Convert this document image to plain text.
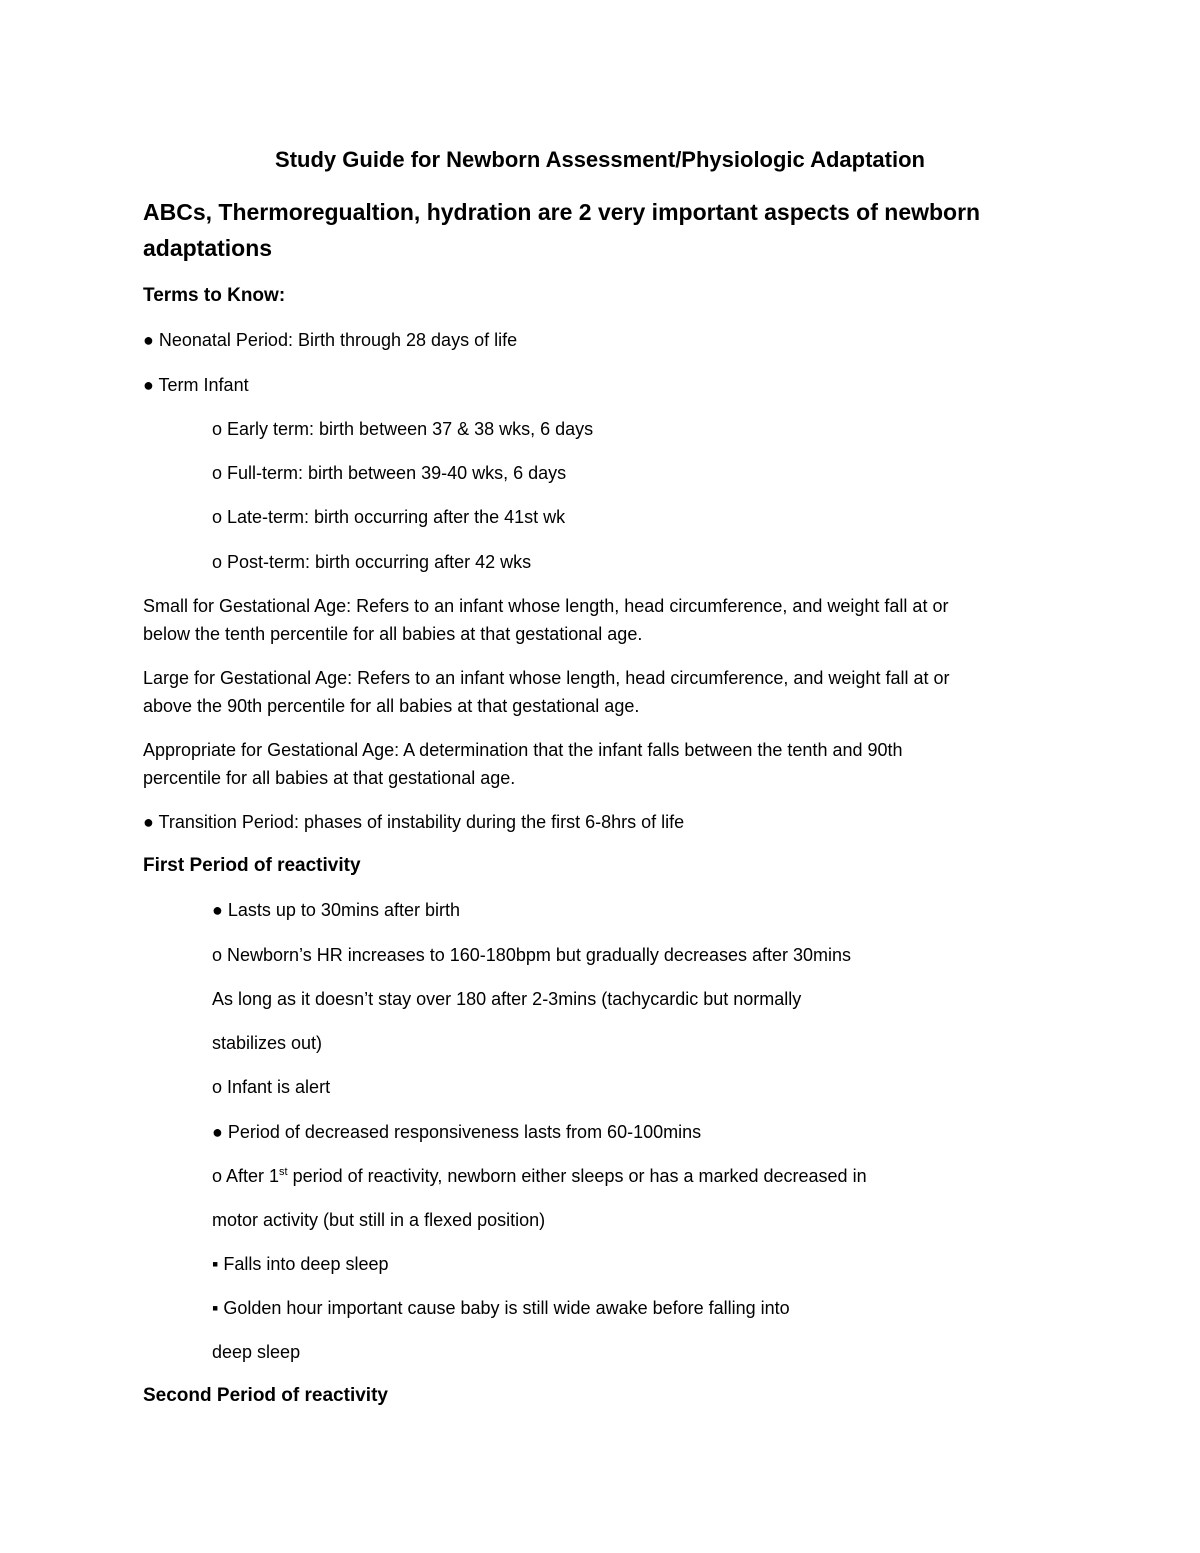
Study Guide for Newborn Assessment/Physiologic Adaptation
ABCs, Thermoregualtion, hydration are 2 very important aspects of newborn
adaptations
Terms to Know:
● Neonatal Period: Birth through 28 days of life
● Term Infant
o Early term: birth between 37 & 38 wks, 6 days
o Full-term: birth between 39-40 wks, 6 days
o Late-term: birth occurring after the 41st wk
o Post-term: birth occurring after 42 wks
Small for Gestational Age: Refers to an infant whose length, head circumference, and weight fall at or
below the tenth percentile for all babies at that gestational age.
Large for Gestational Age: Refers to an infant whose length, head circumference, and weight fall at or
above the 90th percentile for all babies at that gestational age.
Appropriate for Gestational Age: A determination that the infant falls between the tenth and 90th
percentile for all babies at that gestational age.
● Transition Period: phases of instability during the first 6-8hrs of life
First Period of reactivity
● Lasts up to 30mins after birth
o Newborn’s HR increases to 160-180bpm but gradually decreases after 30mins
As long as it doesn’t stay over 180 after 2-3mins (tachycardic but normally
stabilizes out)
o Infant is alert
● Period of decreased responsiveness lasts from 60-100mins
o After 1st period of reactivity, newborn either sleeps or has a marked decreased in
motor activity (but still in a flexed position)
▪ Falls into deep sleep
▪ Golden hour important cause baby is still wide awake before falling into
deep sleep
Second Period of reactivity
